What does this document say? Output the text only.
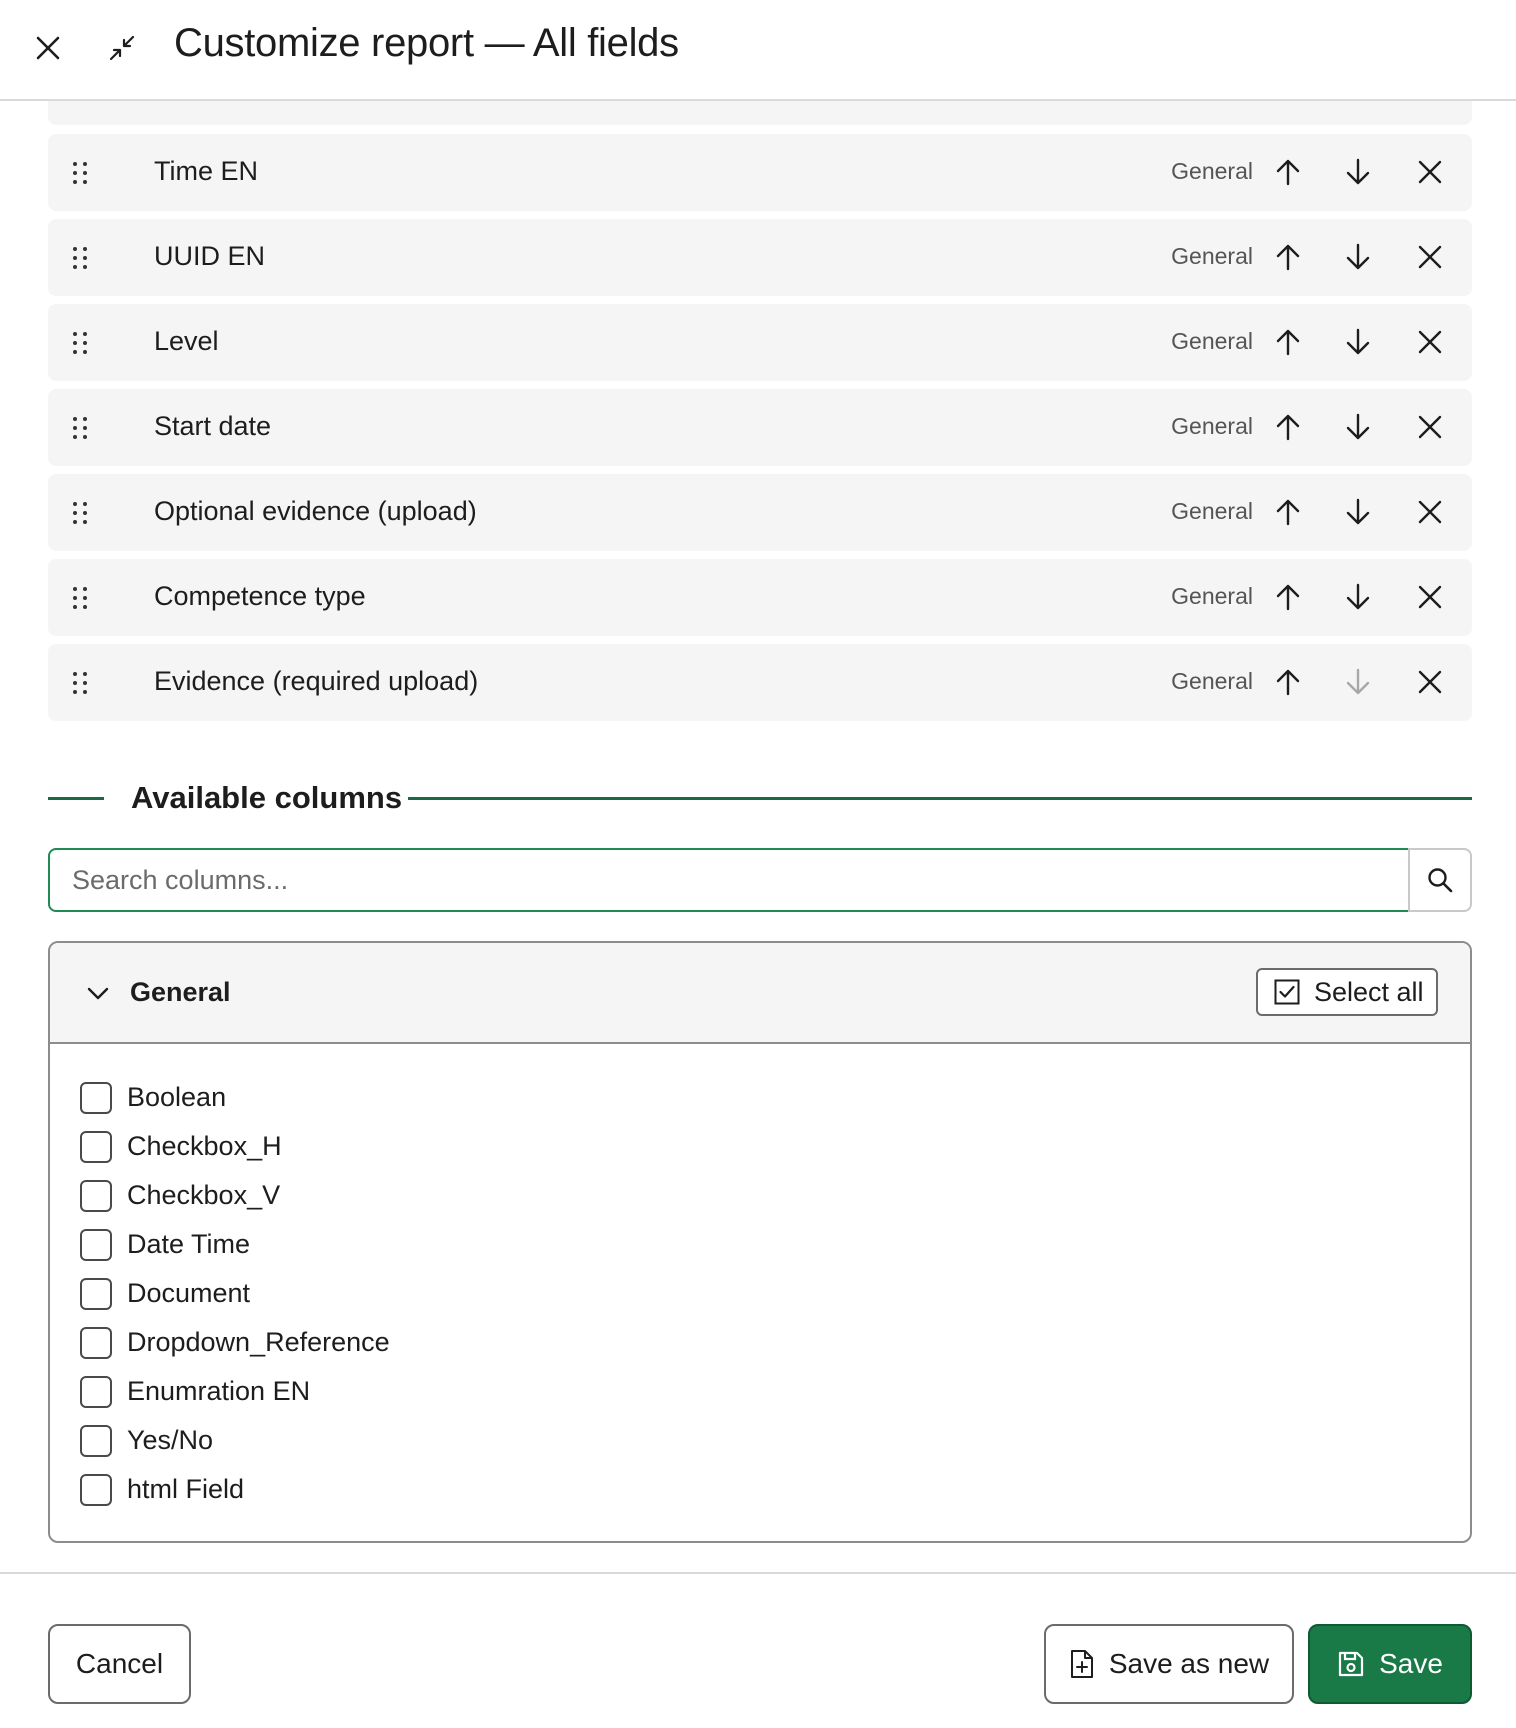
Customize report — All fields
Time EN	General
UUID EN	General
Level	General
Start date	General
Optional evidence (upload)	General
Competence type	General
Evidence (required upload)	General
Available columns
Search columns...
General	Select all
Boolean
Checkbox_H
Checkbox_V
Date Time
Document
Dropdown_Reference
Enumration EN
Yes/No
html Field
Cancel	Save as new	Save
